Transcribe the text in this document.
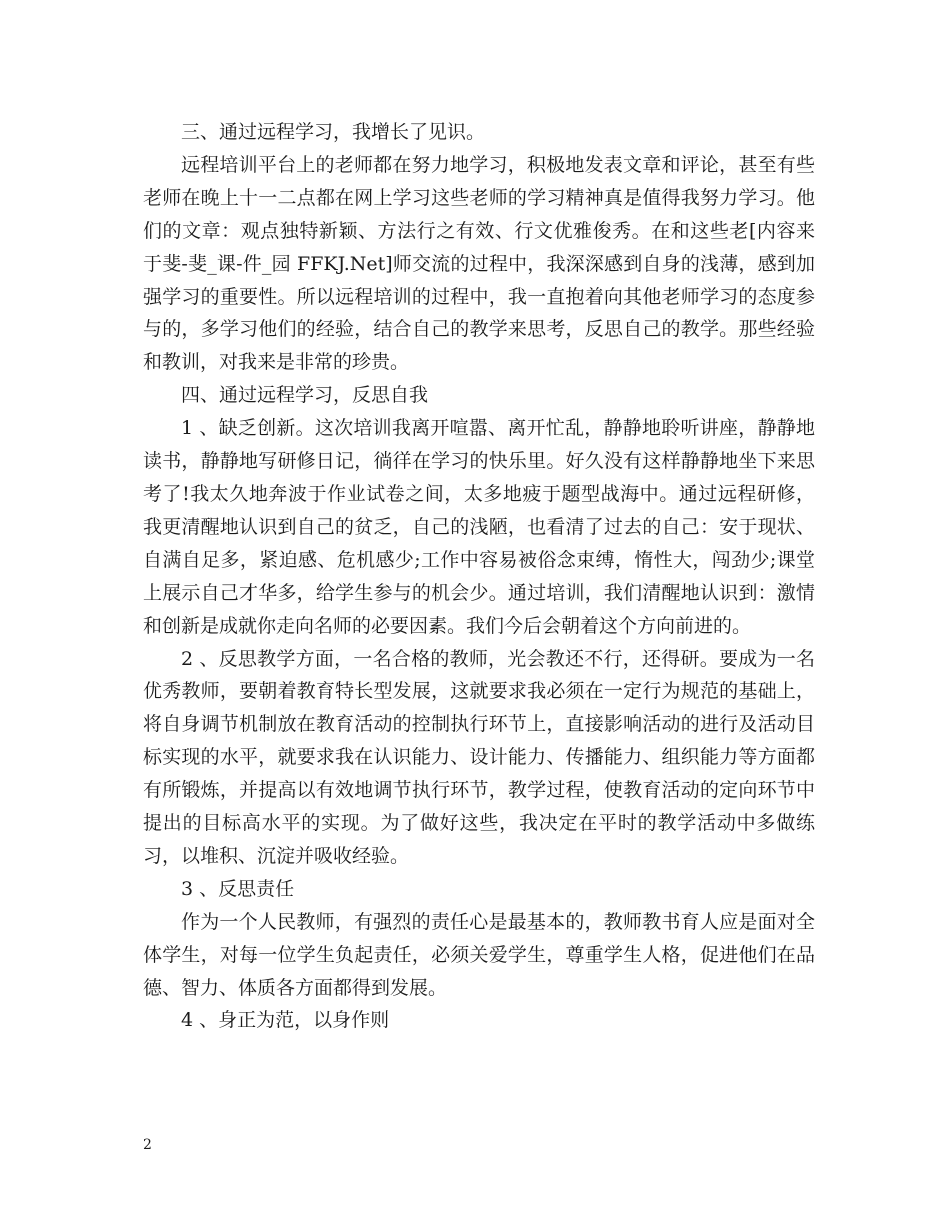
三、通过远程学习，我增长了见识。

远程培训平台上的老师都在努力地学习，积极地发表文章和评论，甚至有些老师在晚上十一二点都在网上学习这些老师的学习精神真是值得我努力学习。他们的文章：观点独特新颖、方法行之有效、行文优雅俊秀。在和这些老[内容来于斐-斐_课-件_园 FFKJ.Net]师交流的过程中，我深深感到自身的浅薄，感到加强学习的重要性。所以远程培训的过程中，我一直抱着向其他老师学习的态度参与的，多学习他们的经验，结合自己的教学来思考，反思自己的教学。那些经验和教训，对我来是非常的珍贵。

四、通过远程学习，反思自我

1 、缺乏创新。这次培训我离开喧嚣、离开忙乱，静静地聆听讲座，静静地读书，静静地写研修日记，徜徉在学习的快乐里。好久没有这样静静地坐下来思考了!我太久地奔波于作业试卷之间，太多地疲于题型战海中。通过远程研修，我更清醒地认识到自己的贫乏，自己的浅陋，也看清了过去的自己：安于现状、自满自足多，紧迫感、危机感少;工作中容易被俗念束缚，惰性大，闯劲少;课堂上展示自己才华多，给学生参与的机会少。通过培训，我们清醒地认识到：激情和创新是成就你走向名师的必要因素。我们今后会朝着这个方向前进的。

2 、反思教学方面，一名合格的教师，光会教还不行，还得研。要成为一名优秀教师，要朝着教育特长型发展，这就要求我必须在一定行为规范的基础上，将自身调节机制放在教育活动的控制执行环节上，直接影响活动的进行及活动目标实现的水平，就要求我在认识能力、设计能力、传播能力、组织能力等方面都有所锻炼，并提高以有效地调节执行环节，教学过程，使教育活动的定向环节中提出的目标高水平的实现。为了做好这些，我决定在平时的教学活动中多做练习，以堆积、沉淀并吸收经验。

3 、反思责任

作为一个人民教师，有强烈的责任心是最基本的，教师教书育人应是面对全体学生，对每一位学生负起责任，必须关爱学生，尊重学生人格，促进他们在品德、智力、体质各方面都得到发展。

4 、身正为范，以身作则

2
